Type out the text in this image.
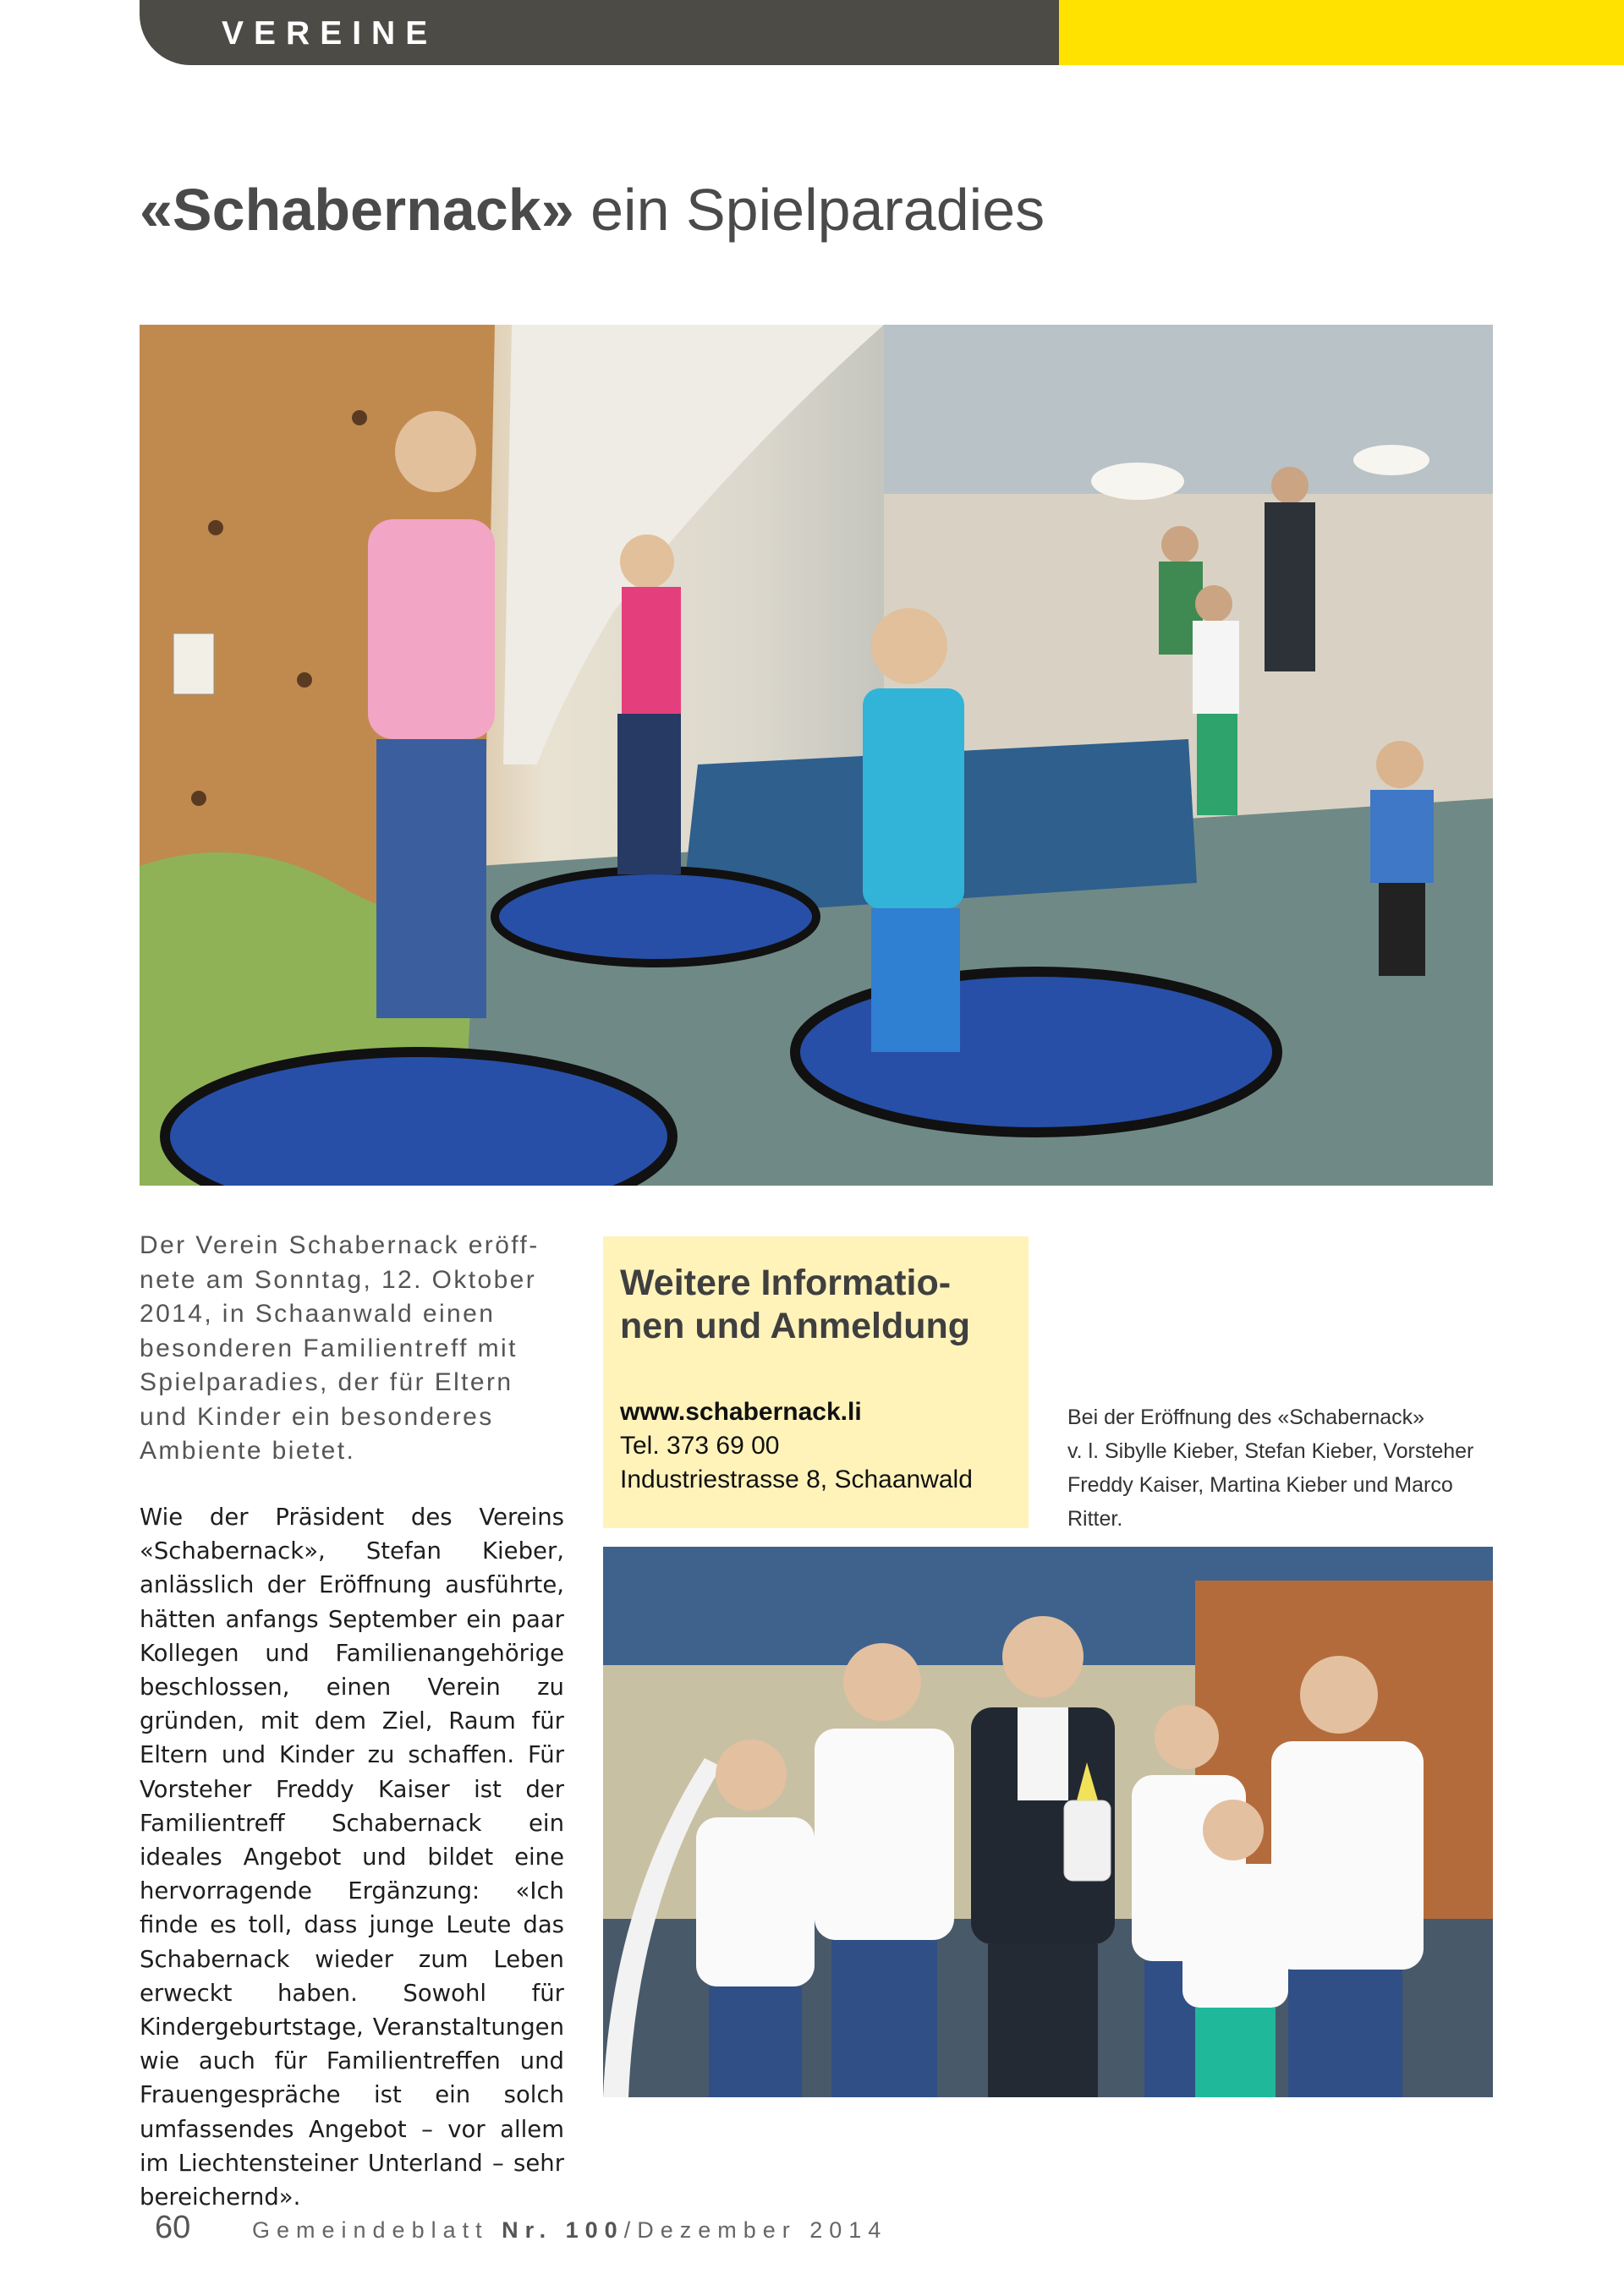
VEREINE
«Schabernack» ein Spielparadies
Der Verein Schabernack eröff-
nete am Sonntag, 12. Oktober
2014, in Schaanwald einen
besonderen Familientreff mit
Spielparadies, der für Eltern
und Kinder ein besonderes
Ambiente bietet.
Wie der Präsident des Vereins «Schabernack», Stefan Kieber, anlässlich der Eröffnung ausführte, hätten anfangs September ein paar Kollegen und Familienangehörige beschlossen, einen Verein zu gründen, mit dem Ziel, Raum für Eltern und Kinder zu schaffen. Für Vorsteher Freddy Kaiser ist der Familientreff Schabernack ein ideales Angebot und bildet eine hervorragende Ergänzung: «Ich finde es toll, dass junge Leute das Schabernack wieder zum Leben erweckt haben. Sowohl für Kindergeburtstage, Veranstaltungen wie auch für Familientreffen und Frauengespräche ist ein solch umfassendes Angebot – vor allem im Liechtensteiner Unterland – sehr bereichernd».
Weitere Informatio-
nen und Anmeldung
www.schabernack.li
Tel. 373 69 00
Industriestrasse 8, Schaanwald
Bei der Eröffnung des «Schabernack»
v. l. Sibylle Kieber, Stefan Kieber, Vorsteher
Freddy Kaiser, Martina Kieber und Marco
Ritter.
60	Gemeindeblatt Nr. 100/Dezember 2014
